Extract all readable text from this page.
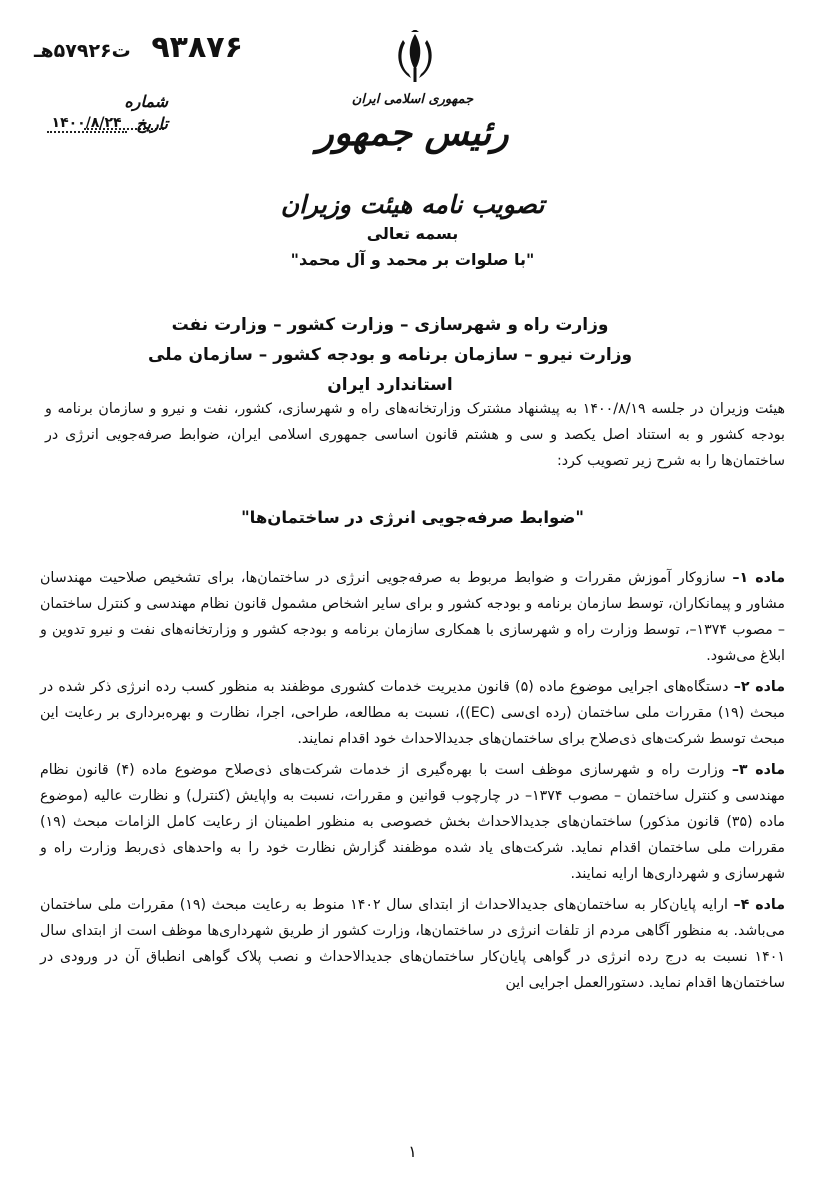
۹۳۸۷۶ ت۵۷۹۲۶هـ
شماره
تاریخ ۱۴۰۰/۸/۲۴
جمهوری اسلامی ایران
رئیس جمهور
تصویب نامه هیئت وزیران
بسمه تعالی
"با صلوات بر محمد و آل محمد"
وزارت راه و شهرسازی – وزارت کشور – وزارت نفت
وزارت نیرو – سازمان برنامه و بودجه کشور – سازمان ملی استاندارد ایران
هیئت وزیران در جلسه ۱۴۰۰/۸/۱۹ به پیشنهاد مشترک وزارتخانه‌های راه و شهرسازی، کشور، نفت و نیرو و سازمان برنامه و بودجه کشور و به استناد اصل یکصد و سی و هشتم قانون اساسی جمهوری اسلامی ایران، ضوابط صرفه‌جویی انرژی در ساختمان‌ها را به شرح زیر تصویب کرد:
"ضوابط صرفه‌جویی انرژی در ساختمان‌ها"

ماده ۱– سازوکار آموزش مقررات و ضوابط مربوط به صرفه‌جویی انرژی در ساختمان‌ها، برای تشخیص صلاحیت مهندسان مشاور و پیمانکاران، توسط سازمان برنامه و بودجه کشور و برای سایر اشخاص مشمول قانون نظام مهندسی و کنترل ساختمان – مصوب ۱۳۷۴–، توسط وزارت راه و شهرسازی با همکاری سازمان برنامه و بودجه کشور و وزارتخانه‌های نفت و نیرو تدوین و ابلاغ می‌شود.

ماده ۲– دستگاه‌های اجرایی موضوع ماده (۵) قانون مدیریت خدمات کشوری موظفند به منظور کسب رده انرژی ذکر شده در مبحث (۱۹) مقررات ملی ساختمان (رده ای‌سی (EC))، نسبت به مطالعه، طراحی، اجرا، نظارت و بهره‌برداری بر رعایت این مبحث توسط شرکت‌های ذی‌صلاح برای ساختمان‌های جدیدالاحداث خود اقدام نمایند.

ماده ۳– وزارت راه و شهرسازی موظف است با بهره‌گیری از خدمات شرکت‌های ذی‌صلاح موضوع ماده (۴) قانون نظام مهندسی و کنترل ساختمان – مصوب ۱۳۷۴– در چارچوب قوانین و مقررات، نسبت به واپایش (کنترل) و نظارت عالیه (موضوع ماده (۳۵) قانون مذکور) ساختمان‌های جدیدالاحداث بخش خصوصی به منظور اطمینان از رعایت کامل الزامات مبحث (۱۹) مقررات ملی ساختمان اقدام نماید. شرکت‌های یاد شده موظفند گزارش نظارت خود را به واحدهای ذی‌ربط وزارت راه و شهرسازی و شهرداری‌ها ارایه نمایند.

ماده ۴– ارایه پایان‌کار به ساختمان‌های جدیدالاحداث از ابتدای سال ۱۴۰۲ منوط به رعایت مبحث (۱۹) مقررات ملی ساختمان می‌باشد. به منظور آگاهی مردم از تلفات انرژی در ساختمان‌ها، وزارت کشور از طریق شهرداری‌ها موظف است از ابتدای سال ۱۴۰۱ نسبت به درج رده انرژی در گواهی پایان‌کار ساختمان‌های جدیدالاحداث و نصب پلاک گواهی انطباق آن در ورودی در ساختمان‌ها اقدام نماید. دستورالعمل اجرایی این

۱
